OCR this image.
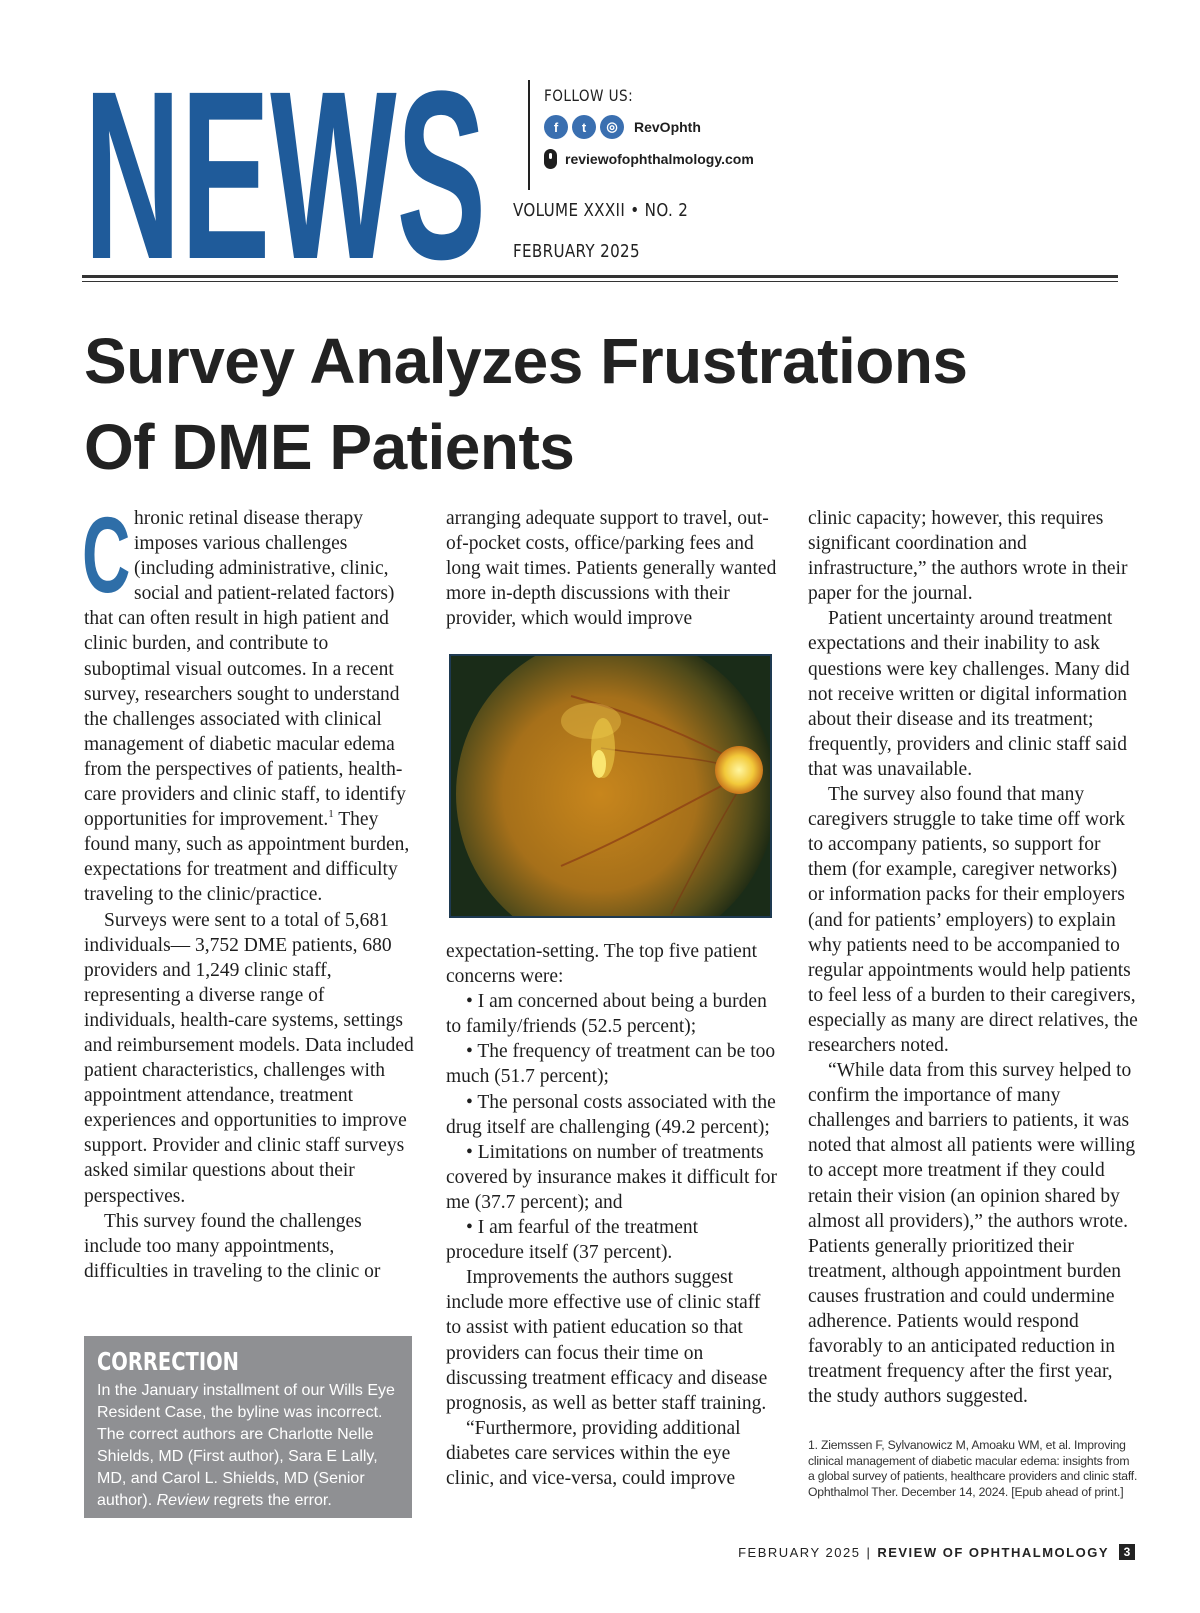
NEWS	FOLLOW US:
f	t	◎	RevOphth
reviewofophthalmology.com
VOLUME XXXII • NO. 2
FEBRUARY 2025
Survey Analyzes Frustrations
Of DME Patients

Chronic retinal disease therapy imposes various challenges (including administrative, clinic, social and patient-related factors) that can often result in high patient and clinic burden, and contribute to suboptimal visual outcomes. In a recent survey, researchers sought to understand the challenges associated with clinical management of diabetic macular edema from the perspectives of patients, health-care providers and clinic staff, to identify opportunities for improvement.$^1$ They found many, such as appointment burden, expectations for treatment and difficulty traveling to the clinic/practice.

Surveys were sent to a total of 5,681 individuals— 3,752 DME patients, 680 providers and 1,249 clinic staff, representing a diverse range of individuals, health-care systems, settings and reimbursement models. Data included patient characteristics, challenges with appointment attendance, treatment experiences and opportunities to improve support. Provider and clinic staff surveys asked similar questions about their perspectives.

This survey found the challenges include too many appointments, difficulties in traveling to the clinic or

arranging adequate support to travel, out-of-pocket costs, office/parking fees and long wait times. Patients generally wanted more in-depth discussions with their provider, which would improve

expectation-setting. The top five patient concerns were:

• I am concerned about being a burden to family/friends (52.5 percent);

• The frequency of treatment can be too much (51.7 percent);

• The personal costs associated with the drug itself are challenging (49.2 percent);

• Limitations on number of treatments covered by insurance makes it difficult for me (37.7 percent); and

• I am fearful of the treatment procedure itself (37 percent).

Improvements the authors suggest include more effective use of clinic staff to assist with patient education so that providers can focus their time on discussing treatment efficacy and disease prognosis, as well as better staff training.

“Furthermore, providing additional diabetes care services within the eye clinic, and vice-versa, could improve

clinic capacity; however, this requires significant coordination and infrastructure,” the authors wrote in their paper for the journal.

Patient uncertainty around treatment expectations and their inability to ask questions were key challenges. Many did not receive written or digital information about their disease and its treatment; frequently, providers and clinic staff said that was unavailable.

The survey also found that many caregivers struggle to take time off work to accompany patients, so support for them (for example, caregiver networks) or information packs for their employers (and for patients’ employers) to explain why patients need to be accompanied to regular appointments would help patients to feel less of a burden to their caregivers, especially as many are direct relatives, the researchers noted.

“While data from this survey helped to confirm the importance of many challenges and barriers to patients, it was noted that almost all patients were willing to accept more treatment if they could retain their vision (an opinion shared by almost all providers),” the authors wrote. Patients generally prioritized their treatment, although appointment burden causes frustration and could undermine adherence. Patients would respond favorably to an anticipated reduction in treatment frequency after the first year, the study authors suggested.

1. Ziemssen F, Sylvanowicz M, Amoaku WM, et al. Improving clinical management of diabetic macular edema: insights from a global survey of patients, healthcare providers and clinic staff. Ophthalmol Ther. December 14, 2024. [Epub ahead of print.]
CORRECTION
In the January installment of our Wills Eye Resident Case, the byline was incorrect. The correct authors are Charlotte Nelle Shields, MD (First author), Sara E Lally, MD, and Carol L. Shields, MD (Senior author). Review regrets the error.
FEBRUARY 2025 | REVIEW OF OPHTHALMOLOGY	3
